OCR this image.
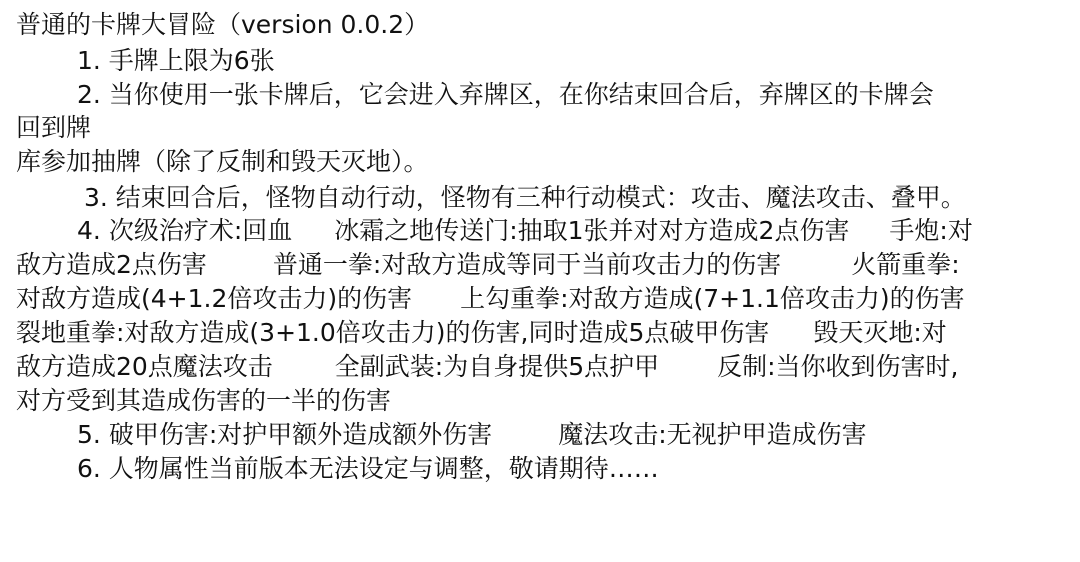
普通的卡牌大冒险（version 0.0.2）
1. 手牌上限为6张
2. 当你使用一张卡牌后，它会进入弃牌区，在你结束回合后，弃牌区的卡牌会
回到牌
库参加抽牌（除了反制和毁天灭地）。
3. 结束回合后，怪物自动行动，怪物有三种行动模式：攻击、魔法攻击、叠甲。
4. 次级治疗术:回血 冰霜之地传送门:抽取1张并对对方造成2点伤害 手炮:对
敌方造成2点伤害	普通一拳:对敌方造成等同于当前攻击力的伤害	火箭重拳:
对敌方造成(4+1.2倍攻击力)的伤害 上勾重拳:对敌方造成(7+1.1倍攻击力)的伤害
裂地重拳:对敌方造成(3+1.0倍攻击力)的伤害,同时造成5点破甲伤害 毁天灭地:对
敌方造成20点魔法攻击 全副武装:为自身提供5点护甲 反制:当你收到伤害时,
对方受到其造成伤害的一半的伤害
5. 破甲伤害:对护甲额外造成额外伤害	魔法攻击:无视护甲造成伤害
6. 人物属性当前版本无法设定与调整，敬请期待……
